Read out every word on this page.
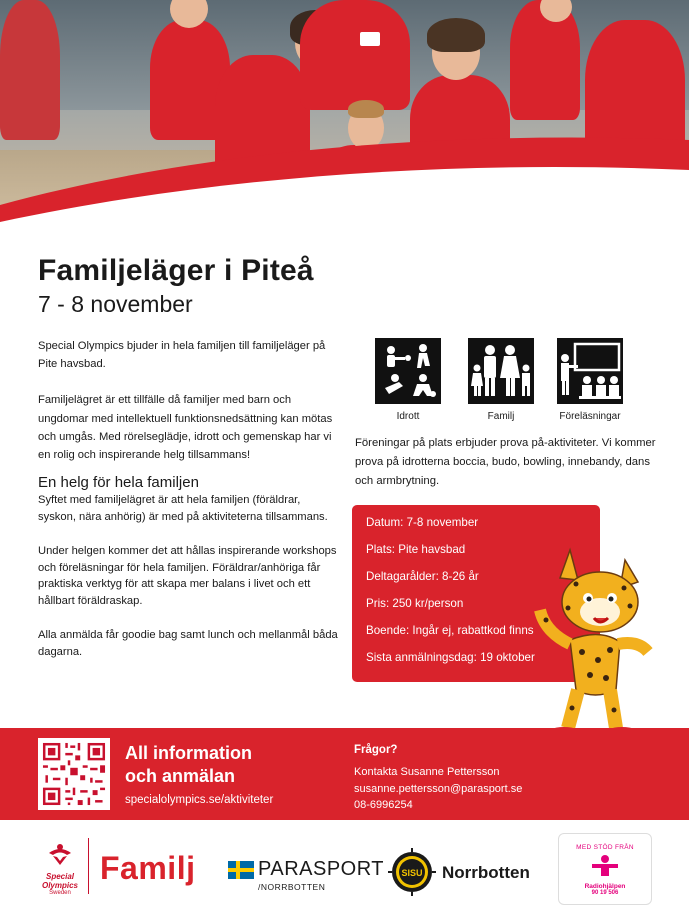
Familjeläger i Piteå
7 - 8 november

Special Olympics bjuder in hela familjen till familjeläger på Pite havsbad.

Familjelägret är ett tillfälle då familjer med barn och ungdomar med intellektuell funktionsnedsättning kan mötas och umgås. Med rörelseglädje, idrott och gemenskap har vi en rolig och inspirerande helg tillsammans!

En helg för hela familjen

Syftet med familjelägret är att hela familjen (föräldrar, syskon, nära anhörig) är med på aktiviteterna tillsammans.

Under helgen kommer det att hållas inspirerande workshops och föreläsningar för hela familjen. Föräldrar/anhöriga får praktiska verktyg för att skapa mer balans i livet och ett hållbart föräldraskap.

Alla anmälda får goodie bag samt lunch och mellanmål båda dagarna.

Idrott	Familj	Föreläsningar
Föreningar på plats erbjuder prova på-aktiviteter. Vi kommer prova på idrotterna boccia, budo, bowling, innebandy, dans och armbrytning.
Datum: 7-8 november
Plats: Pite havsbad
Deltagarålder: 8-26 år
Pris: 250 kr/person
Boende: Ingår ej, rabattkod finns
Sista anmälningsdag: 19 oktober
All information
och anmälan
specialolympics.se/aktiviteter
Frågor?
Kontakta Susanne Pettersson
susanne.pettersson@parasport.se
08-6996254
Special
Olympics
Sweden
Familj	PARASPORT
/NORRBOTTEN
SISU Norrbotten
MED STÖD FRÅN
Radiohjälpen
90 19 506
